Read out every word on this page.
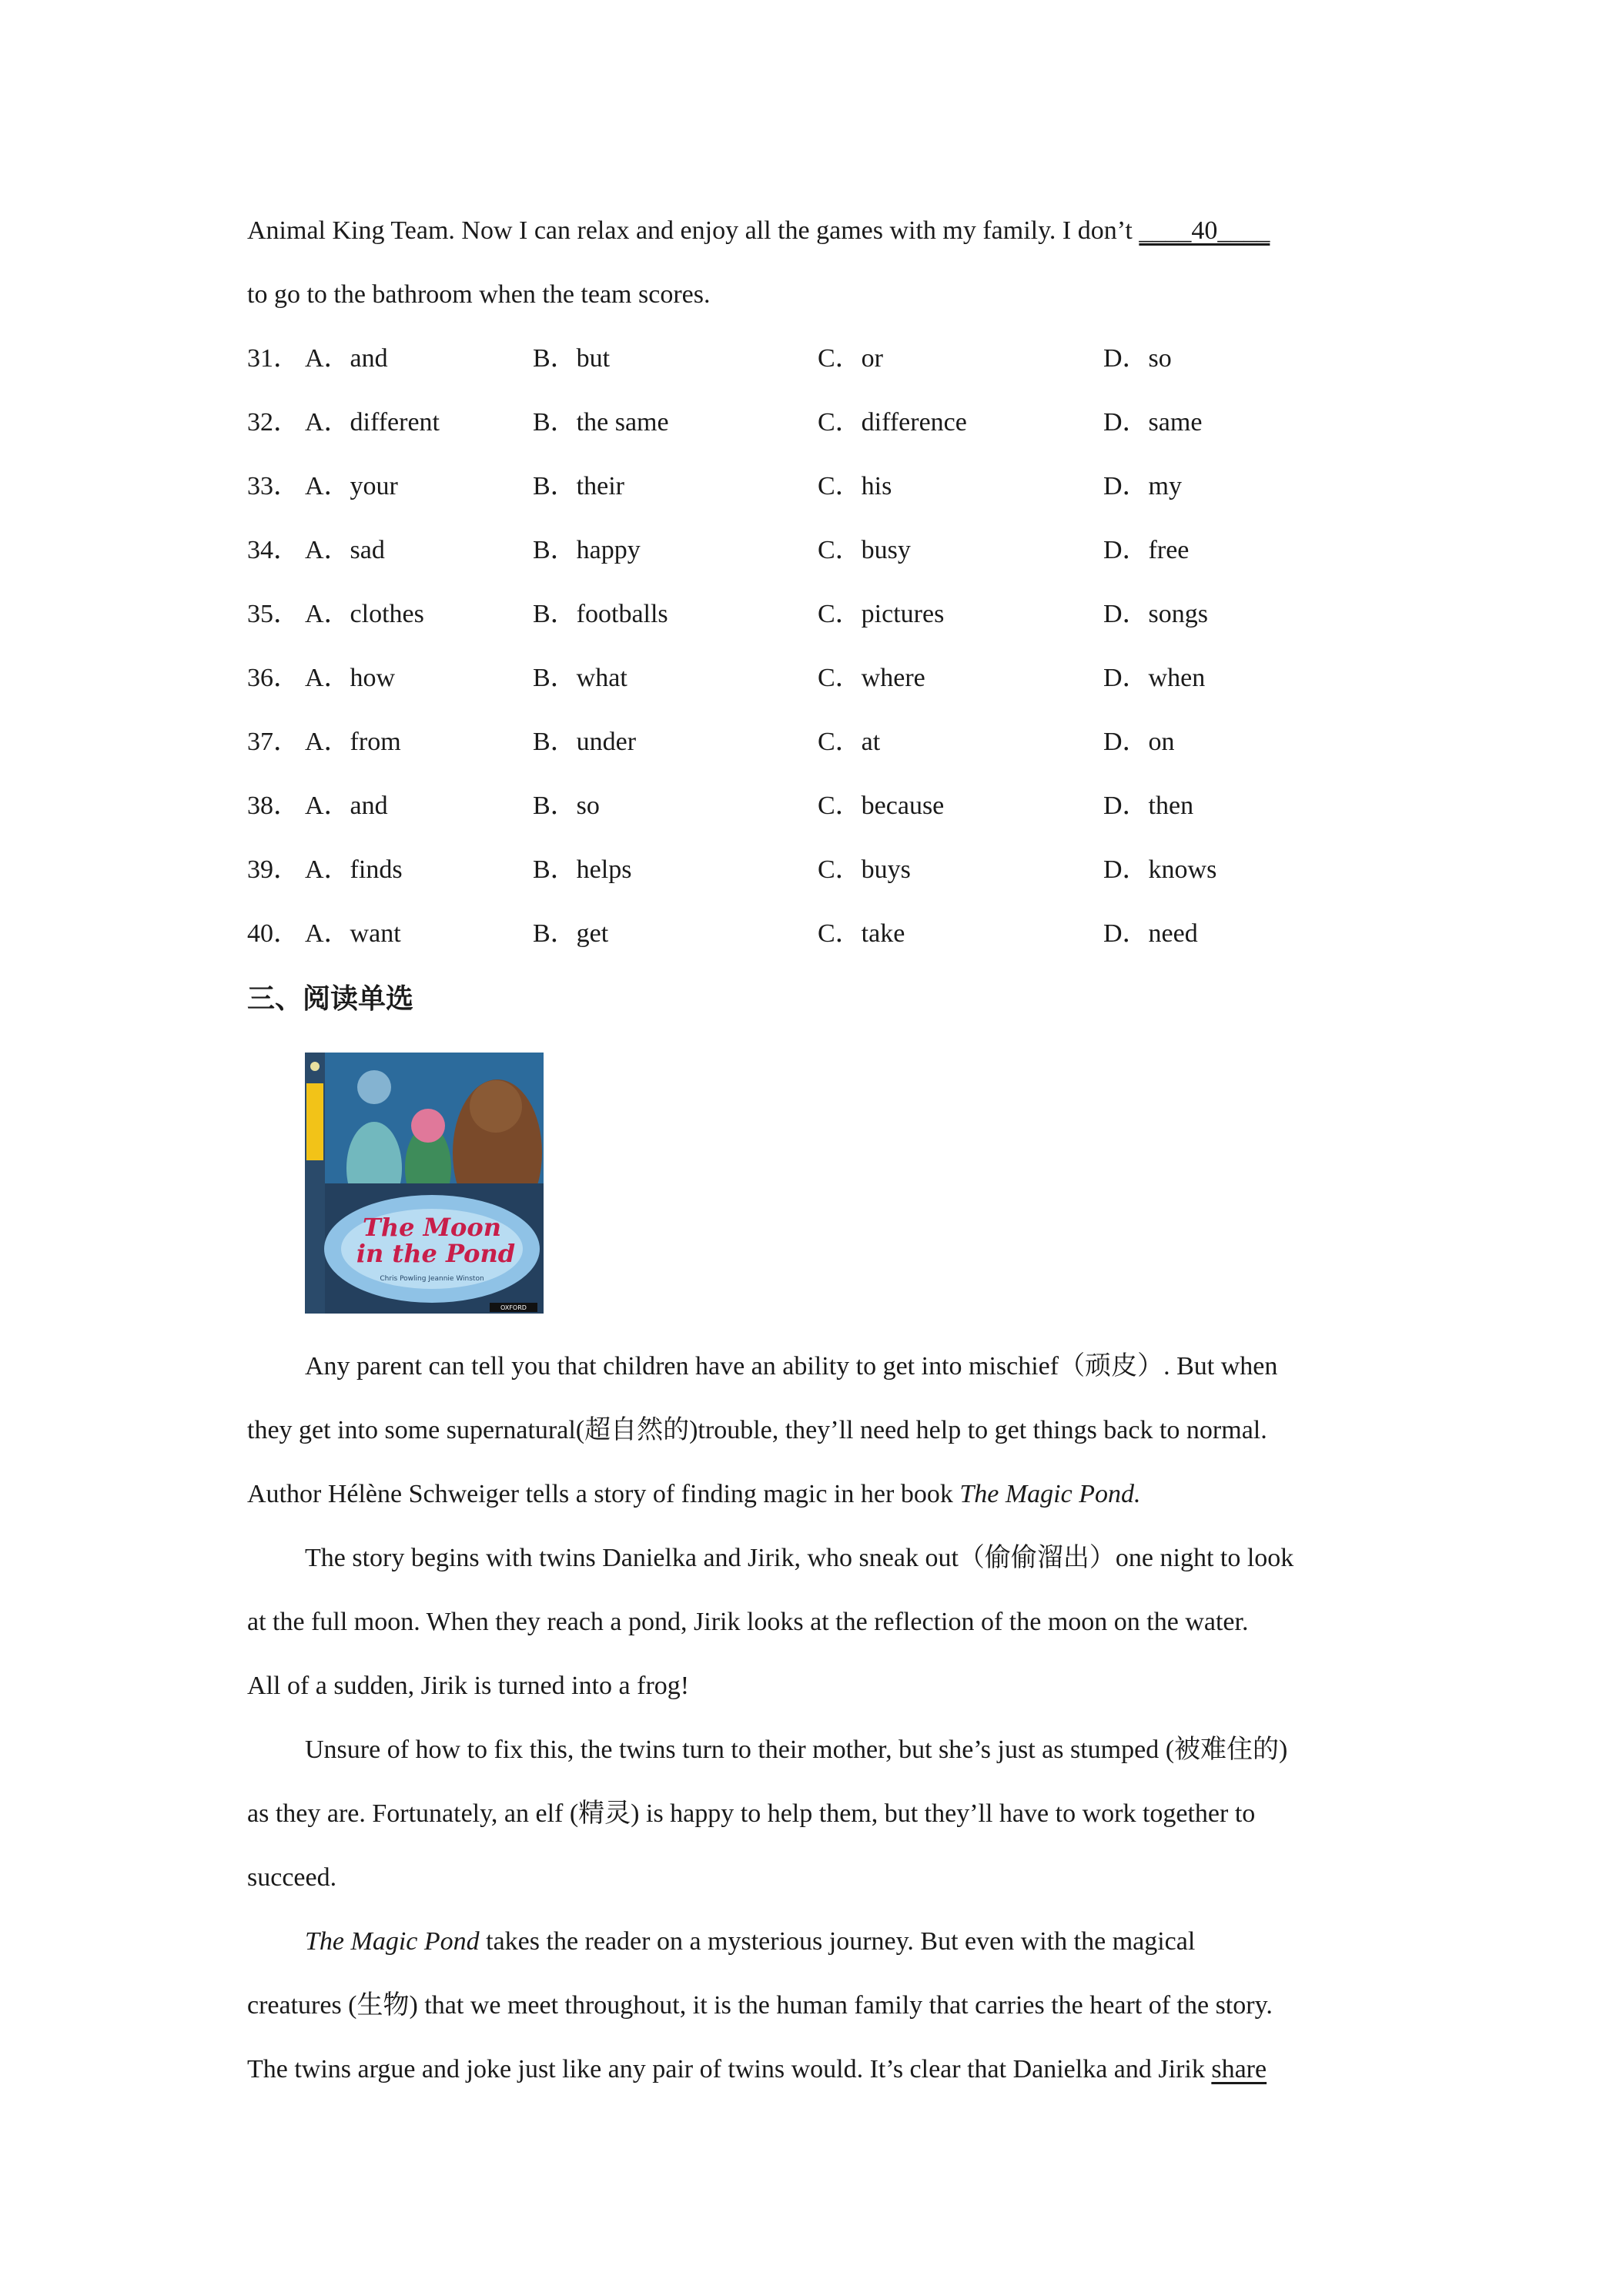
Animal King Team. Now I can relax and enjoy all the games with my family. I don’t ____40____
to go to the bathroom when the team scores.
31． A．and	B．but	C．or	D．so
32． A．different	B．the same	C．difference	D．same
33． A．your	B．their	C．his	D．my
34． A．sad	B．happy	C．busy	D．free
35． A．clothes	B．footballs	C．pictures	D．songs
36． A．how	B．what	C．where	D．when
37． A．from	B．under	C．at	D．on
38． A．and	B．so	C．because	D．then
39． A．finds	B．helps	C．buys	D．knows
40． A．want	B．get	C．take	D．need
三、阅读单选
The Moon
in the Pond
Chris Powling Jeannie Winston
OXFORD
Any parent can tell you that children have an ability to get into mischief（顽皮）. But when
they get into some supernatural(超自然的)trouble, they’ll need help to get things back to normal.
Author Hélène Schweiger tells a story of finding magic in her book The Magic Pond.
The story begins with twins Danielka and Jirik, who sneak out（偷偷溜出）one night to look
at the full moon. When they reach a pond, Jirik looks at the reflection of the moon on the water.
All of a sudden, Jirik is turned into a frog!
Unsure of how to fix this, the twins turn to their mother, but she’s just as stumped (被难住的)
as they are. Fortunately, an elf (精灵) is happy to help them, but they’ll have to work together to
succeed.
The Magic Pond takes the reader on a mysterious journey. But even with the magical
creatures (生物) that we meet throughout, it is the human family that carries the heart of the story.
The twins argue and joke just like any pair of twins would. It’s clear that Danielka and Jirik share
